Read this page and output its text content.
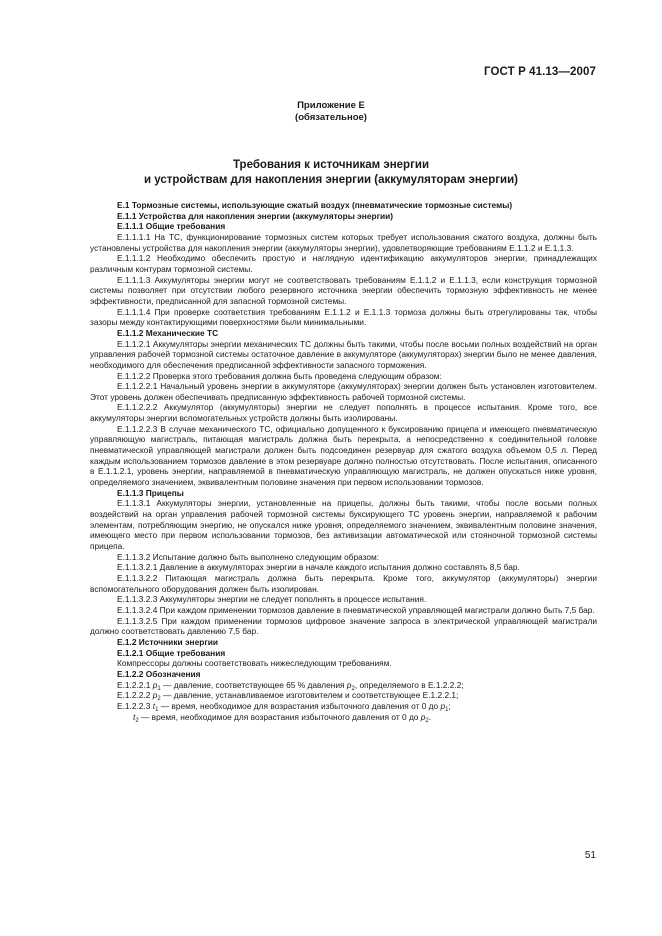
ГОСТ Р 41.13—2007
Приложение Е
(обязательное)
Требования к источникам энергии
и устройствам для накопления энергии (аккумуляторам энергии)

Е.1 Тормозные системы, использующие сжатый воздух (пневматические тормозные системы)

Е.1.1 Устройства для накопления энергии (аккумуляторы энергии)

Е.1.1.1 Общие требования

Е.1.1.1.1 На ТС, функционирование тормозных систем которых требует использования сжатого воздуха, должны быть установлены устройства для накопления энергии (аккумуляторы энергии), удовлетворяющие требованиям Е.1.1.2 и Е.1.1.3.

Е.1.1.1.2 Необходимо обеспечить простую и наглядную идентификацию аккумуляторов энергии, принадлежащих различным контурам тормозной системы.

Е.1.1.1.3 Аккумуляторы энергии могут не соответствовать требованиям Е.1.1.2 и Е.1.1.3, если конструкция тормозной системы позволяет при отсутствии любого резервного источника энергии обеспечить тормозную эффективность не менее эффективности, предписанной для запасной тормозной системы.

Е.1.1.1.4 При проверке соответствия требованиям Е.1.1.2 и Е.1.1.3 тормоза должны быть отрегулированы так, чтобы зазоры между контактирующими поверхностями были минимальными.

Е.1.1.2 Механические ТС

Е.1.1.2.1 Аккумуляторы энергии механических ТС должны быть такими, чтобы после восьми полных воздействий на орган управления рабочей тормозной системы остаточное давление в аккумуляторе (аккумуляторах) энергии было не менее давления, необходимого для обеспечения предписанной эффективности запасного торможения.

Е.1.1.2.2 Проверка этого требования должна быть проведена следующим образом:

Е.1.1.2.2.1 Начальный уровень энергии в аккумуляторе (аккумуляторах) энергии должен быть установлен изготовителем. Этот уровень должен обеспечивать предписанную эффективность рабочей тормозной системы.

Е.1.1.2.2.2 Аккумулятор (аккумуляторы) энергии не следует пополнять в процессе испытания. Кроме того, все аккумуляторы энергии вспомогательных устройств должны быть изолированы.

Е.1.1.2.2.3 В случае механического ТС, официально допущенного к буксированию прицепа и имеющего пневматическую управляющую магистраль, питающая магистраль должна быть перекрыта, а непосредственно к соединительной головке пневматической управляющей магистрали должен быть подсоединен резервуар для сжатого воздуха объемом 0,5 л. Перед каждым использованием тормозов давление в этом резервуаре должно полностью отсутствовать. После испытания, описанного в Е.1.1.2.1, уровень энергии, направляемой в пневматическую управляющую магистраль, не должен опускаться ниже уровня, определяемого значением, эквивалентным половине значения при первом использовании тормозов.

Е.1.1.3 Прицепы

Е.1.1.3.1 Аккумуляторы энергии, установленные на прицепы, должны быть такими, чтобы после восьми полных воздействий на орган управления рабочей тормозной системы буксирующего ТС уровень энергии, направляемой к рабочим элементам, потребляющим энергию, не опускался ниже уровня, определяемого значением, эквивалентным половине значения, имеющего место при первом использовании тормозов, без активизации автоматической или стояночной тормозной системы прицепа.

Е.1.1.3.2 Испытание должно быть выполнено следующим образом:

Е.1.1.3.2.1 Давление в аккумуляторах энергии в начале каждого испытания должно составлять 8,5 бар.

Е.1.1.3.2.2 Питающая магистраль должна быть перекрыта. Кроме того, аккумулятор (аккумуляторы) энергии вспомогательного оборудования должен быть изолирован.

Е.1.1.3.2.3 Аккумуляторы энергии не следует пополнять в процессе испытания.

Е.1.1.3.2.4 При каждом применении тормозов давление в пневматической управляющей магистрали должно быть 7,5 бар.

Е.1.1.3.2.5 При каждом применении тормозов цифровое значение запроса в электрической управляющей магистрали должно соответствовать давлению 7,5 бар.

Е.1.2 Источники энергии

Е.1.2.1 Общие требования

Компрессоры должны соответствовать нижеследующим требованиям.

Е.1.2.2 Обозначения

Е.1.2.2.1 $p_1$ — давление, соответствующее 65 % давления $p_2$, определяемого в Е.1.2.2.2;

Е.1.2.2.2 $p_2$ — давление, устанавливаемое изготовителем и соответствующее Е.1.2.2.1;

Е.1.2.2.3 $t_1$ — время, необходимое для возрастания избыточного давления от 0 до $p_1$;

$t_2$ — время, необходимое для возрастания избыточного давления от 0 до $p_2$.

51
